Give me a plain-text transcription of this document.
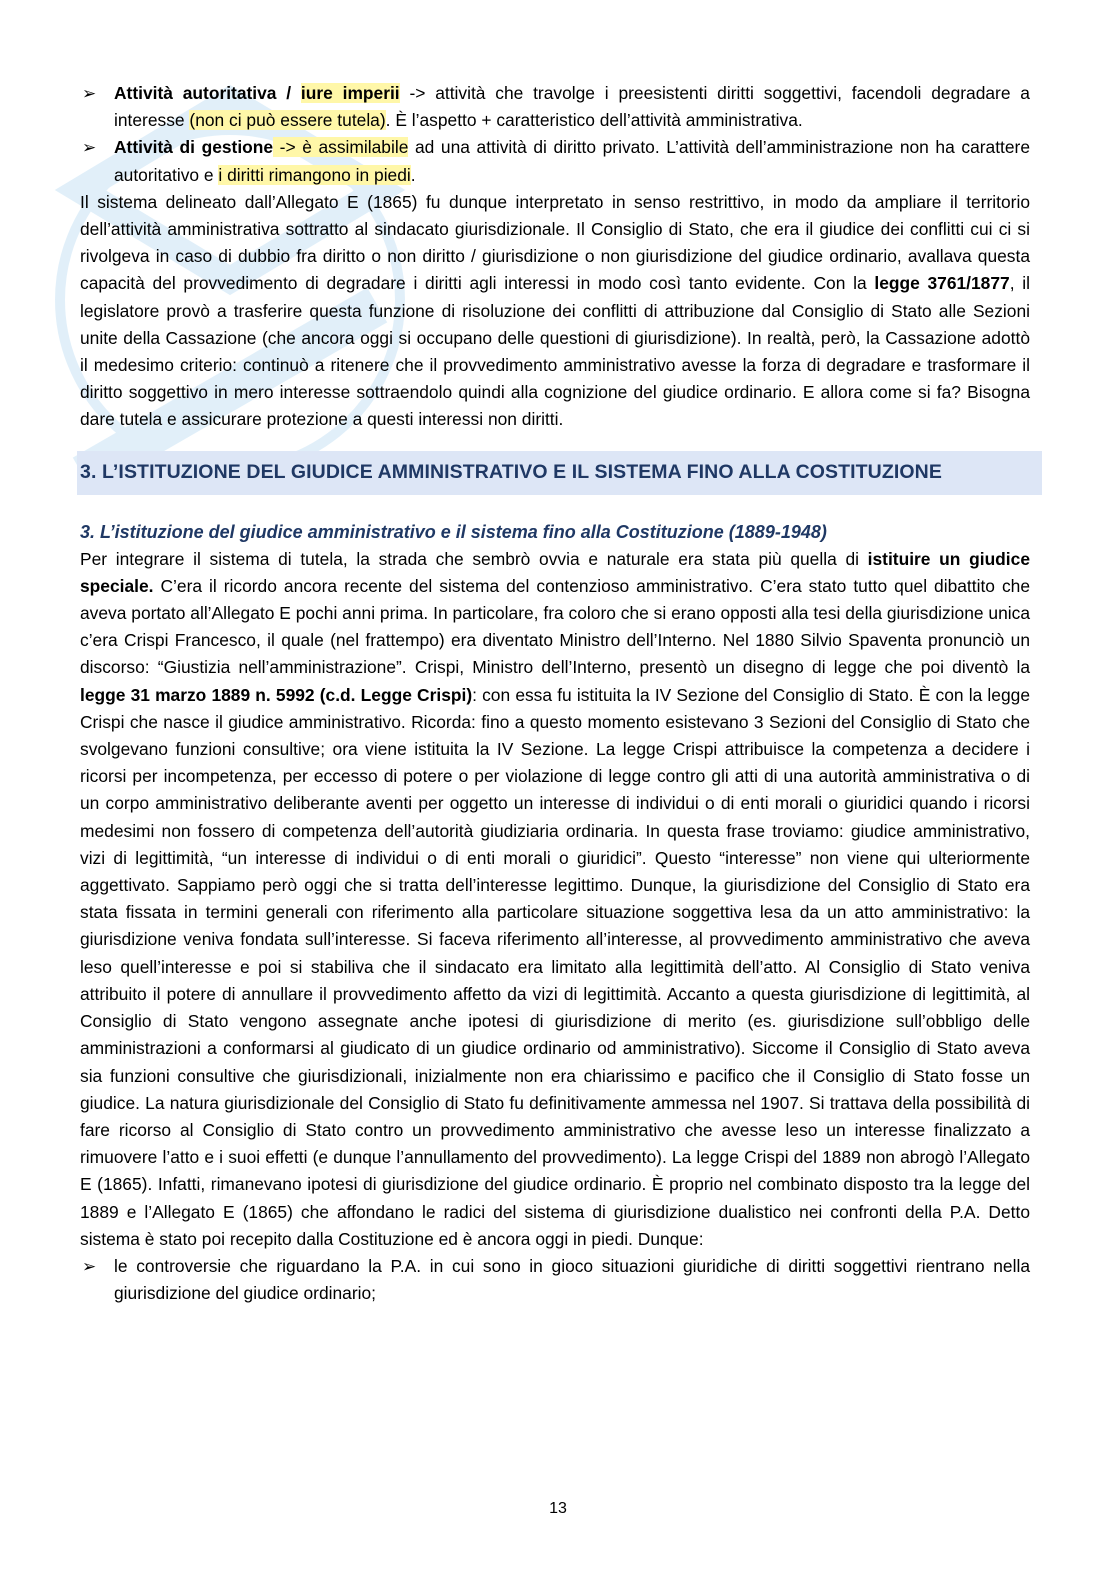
➢ Attività autoritativa / iure imperii -> attività che travolge i preesistenti diritti soggettivi, facendoli degradare a interesse (non ci può essere tutela). È l’aspetto + caratteristico dell’attività amministrativa.
➢ Attività di gestione -> è assimilabile ad una attività di diritto privato. L’attività dell’amministrazione non ha carattere autoritativo e i diritti rimangono in piedi.

Il sistema delineato dall’Allegato E (1865) fu dunque interpretato in senso restrittivo, in modo da ampliare il territorio dell’attività amministrativa sottratto al sindacato giurisdizionale. Il Consiglio di Stato, che era il giudice dei conflitti cui ci si rivolgeva in caso di dubbio fra diritto o non diritto / giurisdizione o non giurisdizione del giudice ordinario, avallava questa capacità del provvedimento di degradare i diritti agli interessi in modo così tanto evidente. Con la legge 3761/1877, il legislatore provò a trasferire questa funzione di risoluzione dei conflitti di attribuzione dal Consiglio di Stato alle Sezioni unite della Cassazione (che ancora oggi si occupano delle questioni di giurisdizione). In realtà, però, la Cassazione adottò il medesimo criterio: continuò a ritenere che il provvedimento amministrativo avesse la forza di degradare e trasformare il diritto soggettivo in mero interesse sottraendolo quindi alla cognizione del giudice ordinario. E allora come si fa? Bisogna dare tutela e assicurare protezione a questi interessi non diritti.

3. L’ISTITUZIONE DEL GIUDICE AMMINISTRATIVO E IL SISTEMA FINO ALLA COSTITUZIONE
3. L’istituzione del giudice amministrativo e il sistema fino alla Costituzione (1889-1948)

Per integrare il sistema di tutela, la strada che sembrò ovvia e naturale era stata più quella di istituire un giudice speciale. C’era il ricordo ancora recente del sistema del contenzioso amministrativo. C’era stato tutto quel dibattito che aveva portato all’Allegato E pochi anni prima. In particolare, fra coloro che si erano opposti alla tesi della giurisdizione unica c’era Crispi Francesco, il quale (nel frattempo) era diventato Ministro dell’Interno. Nel 1880 Silvio Spaventa pronunciò un discorso: “Giustizia nell’amministrazione”. Crispi, Ministro dell’Interno, presentò un disegno di legge che poi diventò la legge 31 marzo 1889 n. 5992 (c.d. Legge Crispi): con essa fu istituita la IV Sezione del Consiglio di Stato. È con la legge Crispi che nasce il giudice amministrativo. Ricorda: fino a questo momento esistevano 3 Sezioni del Consiglio di Stato che svolgevano funzioni consultive; ora viene istituita la IV Sezione. La legge Crispi attribuisce la competenza a decidere i ricorsi per incompetenza, per eccesso di potere o per violazione di legge contro gli atti di una autorità amministrativa o di un corpo amministrativo deliberante aventi per oggetto un interesse di individui o di enti morali o giuridici quando i ricorsi medesimi non fossero di competenza dell’autorità giudiziaria ordinaria. In questa frase troviamo: giudice amministrativo, vizi di legittimità, “un interesse di individui o di enti morali o giuridici”. Questo “interesse” non viene qui ulteriormente aggettivato. Sappiamo però oggi che si tratta dell’interesse legittimo. Dunque, la giurisdizione del Consiglio di Stato era stata fissata in termini generali con riferimento alla particolare situazione soggettiva lesa da un atto amministrativo: la giurisdizione veniva fondata sull’interesse. Si faceva riferimento all’interesse, al provvedimento amministrativo che aveva leso quell’interesse e poi si stabiliva che il sindacato era limitato alla legittimità dell’atto. Al Consiglio di Stato veniva attribuito il potere di annullare il provvedimento affetto da vizi di legittimità. Accanto a questa giurisdizione di legittimità, al Consiglio di Stato vengono assegnate anche ipotesi di giurisdizione di merito (es. giurisdizione sull’obbligo delle amministrazioni a conformarsi al giudicato di un giudice ordinario od amministrativo). Siccome il Consiglio di Stato aveva sia funzioni consultive che giurisdizionali, inizialmente non era chiarissimo e pacifico che il Consiglio di Stato fosse un giudice. La natura giurisdizionale del Consiglio di Stato fu definitivamente ammessa nel 1907. Si trattava della possibilità di fare ricorso al Consiglio di Stato contro un provvedimento amministrativo che avesse leso un interesse finalizzato a rimuovere l’atto e i suoi effetti (e dunque l’annullamento del provvedimento). La legge Crispi del 1889 non abrogò l’Allegato E (1865). Infatti, rimanevano ipotesi di giurisdizione del giudice ordinario. È proprio nel combinato disposto tra la legge del 1889 e l’Allegato E (1865) che affondano le radici del sistema di giurisdizione dualistico nei confronti della P.A. Detto sistema è stato poi recepito dalla Costituzione ed è ancora oggi in piedi. Dunque:

➢ le controversie che riguardano la P.A. in cui sono in gioco situazioni giuridiche di diritti soggettivi rientrano nella giurisdizione del giudice ordinario;
13
